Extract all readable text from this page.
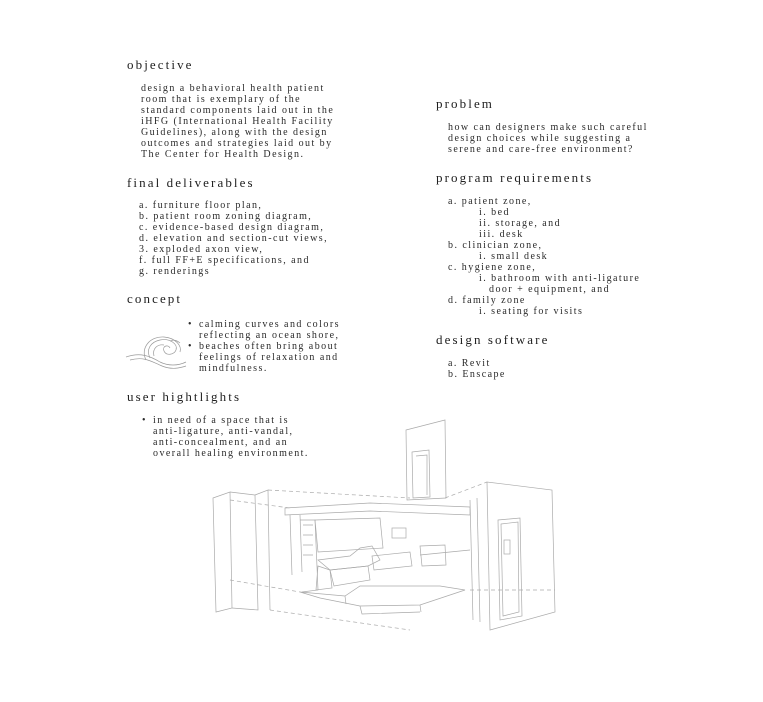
objective
design a behavioral health patient
room that is exemplary of the
standard components laid out in the
iHFG (International Health Facility
Guidelines), along with the design
outcomes and strategies laid out by
The Center for Health Design.
final deliverables
a. furniture floor plan,
b. patient room zoning diagram,
c. evidence-based design diagram,
d. elevation and section-cut views,
3. exploded axon view,
f. full FF+E specifications, and
g. renderings
concept
• calming curves and colors
reflecting an ocean shore,
• beaches often bring about
feelings of relaxation and
mindfulness.
user hightlights
• in need of a space that is
anti-ligature, anti-vandal,
anti-concealment, and an
overall healing environment.
problem
how can designers make such careful
design choices while suggesting a
serene and care-free environment?
program requirements
a. patient zone,
i. bed
ii. storage, and
iii. desk
b. clinician zone,
i. small desk
c. hygiene zone,
i. bathroom with anti-ligature
door + equipment, and
d. family zone
i. seating for visits
design software
a. Revit
b. Enscape
